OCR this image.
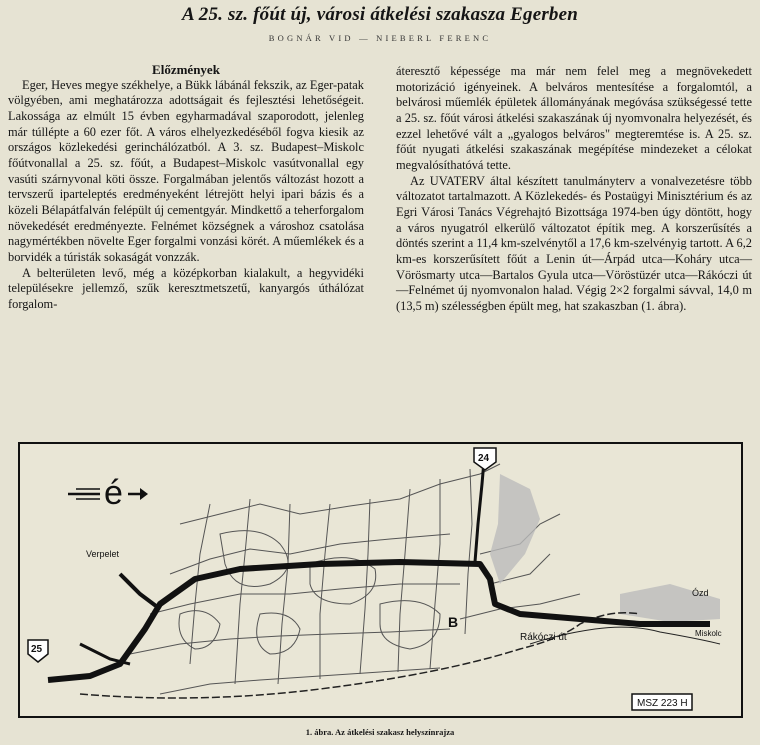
A 25. sz. főút új, városi átkelési szakasza Egerben
BOGNÁR VID — NIEBERL FERENC

Előzmények

Eger, Heves megye székhelye, a Bükk lábánál fekszik, az Eger-patak völgyében, ami meghatározza adottságait és fejlesztési lehetőségeit. Lakossága az elmúlt 15 évben egyharmadával szaporodott, jelenleg már túllépte a 60 ezer főt. A város elhelyezkedéséből fogva kiesik az országos közlekedési gerinchálózatból. A 3. sz. Budapest–Miskolc főútvonallal a 25. sz. főút, a Budapest–Miskolc vasútvonallal egy vasúti szárnyvonal köti össze. Forgalmában jelentős változást hozott a tervszerű iparteleptés eredményeként létrejött helyi ipari bázis és a közeli Bélapátfalván felépült új cementgyár. Mindkettő a teherforgalom növekedését eredményezte. Felnémet községnek a városhoz csatolása nagymértékben növelte Eger forgalmi vonzási körét. A műemlékek és a borvidék a túristák sokaságát vonzzák.

A belterületen levő, még a középkorban kialakult, a hegyvidéki településekre jellemző, szűk keresztmetszetű, kanyargós úthálózat forgalom-

áteresztő képessége ma már nem felel meg a megnövekedett motorizáció igényeinek. A belváros mentesítése a forgalomtól, a belvárosi műemlék épületek állományának megóvása szükségessé tette a 25. sz. főút városi átkelési szakaszának új nyomvonalra helyezését, és ezzel lehetővé vált a „gyalogos belváros" megteremtése is. A 25. sz. főút nyugati átkelési szakaszának megépítése mindezeket a célokat megvalósíthatóvá tette.

Az UVATERV által készített tanulmányterv a vonalvezetésre több változatot tartalmazott. A Közlekedés- és Postaügyi Minisztérium és az Egri Városi Tanács Végrehajtó Bizottsága 1974-ben úgy döntött, hogy a város nyugatról elkerülő változatot építik meg. A korszerűsítés a döntés szerint a 11,4 km-szelvénytől a 17,6 km-szelvényig tartott. A 6,2 km-es korszerűsített főút a Lenin út—Árpád utca—Koháry utca—Vörösmarty utca—Bartalos Gyula utca—Vöröstüzér utca—Rákóczi út—Felnémet új nyomvonalon halad. Végig 2×2 forgalmi sávval, 14,0 m (13,5 m) szélességben épült meg, hat szakaszban (1. ábra).

é
24
25
Verpelet
Ózd
Miskolc
Rákóczi út
B
MSZ 223 H
1. ábra. Az átkelési szakasz helyszínrajza
